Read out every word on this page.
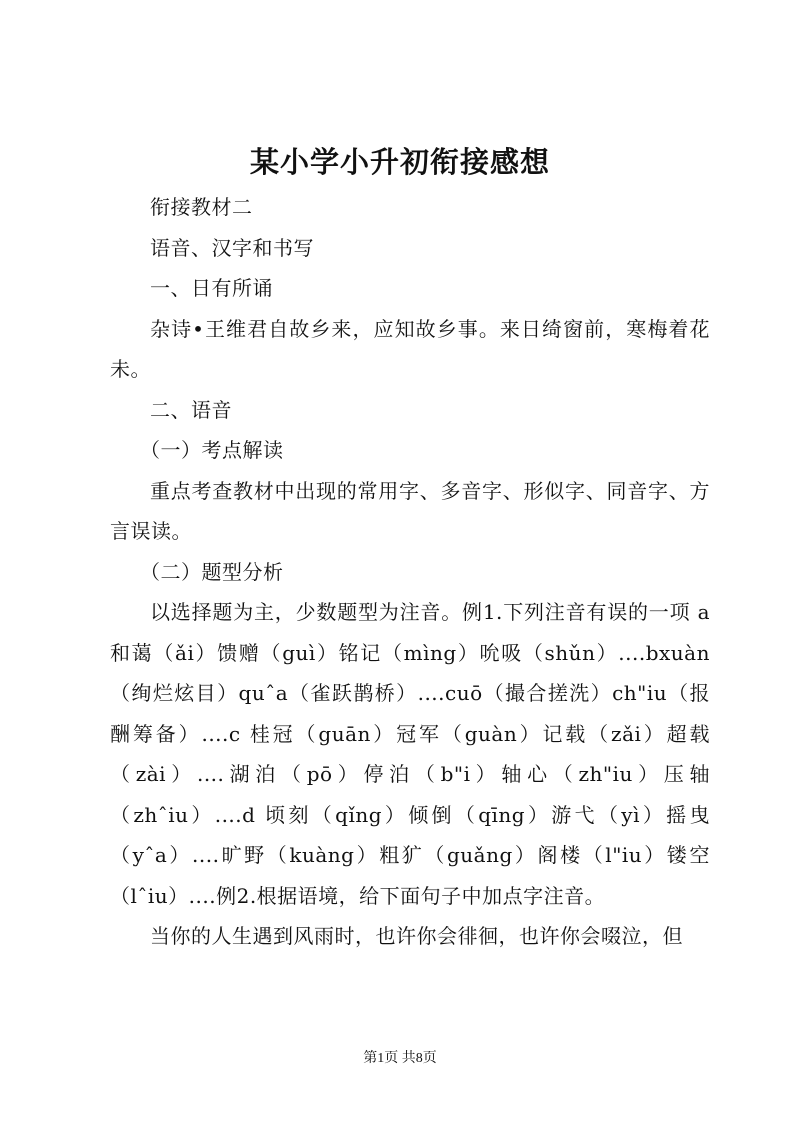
某小学小升初衔接感想

衔接教材二

语音、汉字和书写

一、日有所诵

杂诗•王维君自故乡来，应知故乡事。来日绮窗前，寒梅着花未。

二、语音

（一）考点解读

重点考查教材中出现的常用字、多音字、形似字、同音字、方言误读。

（二）题型分析

以选择题为主，少数题型为注音。例1.下列注音有误的一项 a 和蔼（ǎi）馈赠（guì）铭记（mìng）吮吸（shǔn）....bxuàn（绚烂炫目）quˆa（雀跃鹊桥）....cuō（撮合搓洗）ch"iu（报酬筹备）....c 桂冠（guān）冠军（guàn）记载（zǎi）超载（zài）....湖泊（pō）停泊（b"i）轴心（zh"iu）压轴（zhˆiu）....d 顷刻（qǐng）倾倒（qīng）游弋（yì）摇曳（yˆa）....旷野（kuàng）粗犷（guǎng）阁楼（l"iu）镂空（lˆiu）....例2.根据语境，给下面句子中加点字注音。

当你的人生遇到风雨时，也许你会徘徊，也许你会啜泣，但

第1页 共8页
